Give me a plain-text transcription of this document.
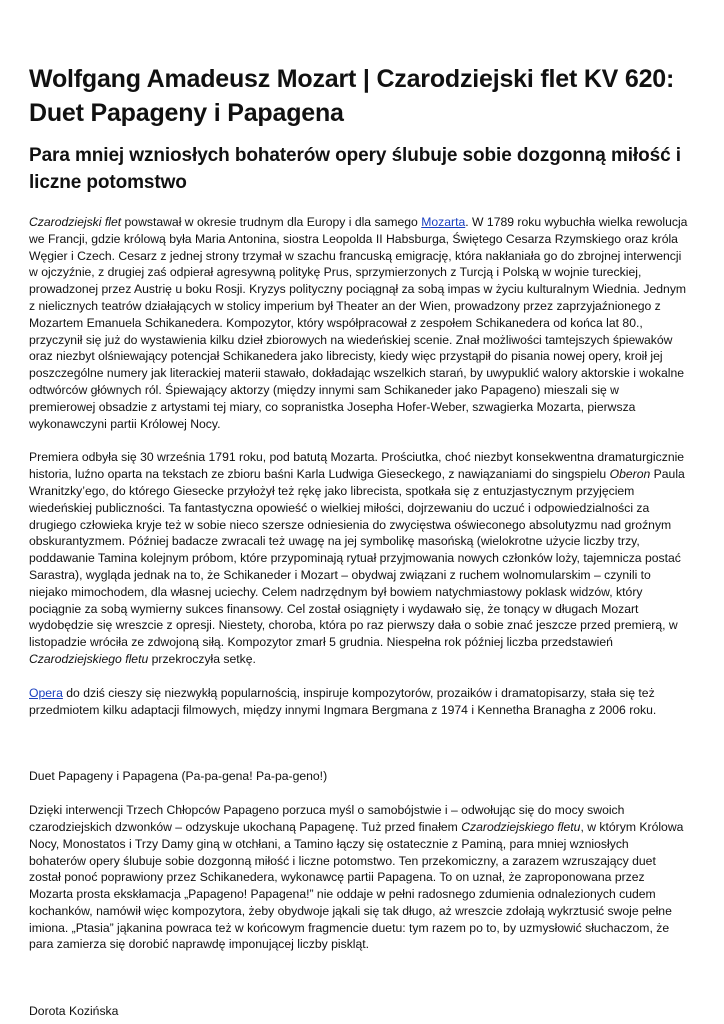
Wolfgang Amadeusz Mozart | Czarodziejski flet KV 620: Duet Papageny i Papagena
Para mniej wzniosłych bohaterów opery ślubuje sobie dozgonną miłość i liczne potomstwo

Czarodziejski flet powstawał w okresie trudnym dla Europy i dla samego Mozarta. W 1789 roku wybuchła wielka rewolucja we Francji, gdzie królową była Maria Antonina, siostra Leopolda II Habsburga, Świętego Cesarza Rzymskiego oraz króla Węgier i Czech. Cesarz z jednej strony trzymał w szachu francuską emigrację, która nakłaniała go do zbrojnej interwencji w ojczyźnie, z drugiej zaś odpierał agresywną politykę Prus, sprzymierzonych z Turcją i Polską w wojnie tureckiej, prowadzonej przez Austrię u boku Rosji. Kryzys polityczny pociągnął za sobą impas w życiu kulturalnym Wiednia. Jednym z nielicznych teatrów działających w stolicy imperium był Theater an der Wien, prowadzony przez zaprzyjaźnionego z Mozartem Emanuela Schikanedera. Kompozytor, który współpracował z zespołem Schikanedera od końca lat 80., przyczynił się już do wystawienia kilku dzieł zbiorowych na wiedeńskiej scenie. Znał możliwości tamtejszych śpiewaków oraz niezbyt olśniewający potencjał Schikanedera jako librecisty, kiedy więc przystąpił do pisania nowej opery, kroił jej poszczególne numery jak literackiej materii stawało, dokładając wszelkich starań, by uwypuklić walory aktorskie i wokalne odtwórców głównych ról. Śpiewający aktorzy (między innymi sam Schikaneder jako Papageno) mieszali się w premierowej obsadzie z artystami tej miary, co sopranistka Josepha Hofer-Weber, szwagierka Mozarta, pierwsza wykonawczyni partii Królowej Nocy.

Premiera odbyła się 30 września 1791 roku, pod batutą Mozarta. Prościutka, choć niezbyt konsekwentna dramaturgicznie historia, luźno oparta na tekstach ze zbioru baśni Karla Ludwiga Gieseckego, z nawiązaniami do singspielu Oberon Paula Wranitzky’ego, do którego Giesecke przyłożył też rękę jako librecista, spotkała się z entuzjastycznym przyjęciem wiedeńskiej publiczności. Ta fantastyczna opowieść o wielkiej miłości, dojrzewaniu do uczuć i odpowiedzialności za drugiego człowieka kryje też w sobie nieco szersze odniesienia do zwycięstwa oświeconego absolutyzmu nad groźnym obskurantyzmem. Później badacze zwracali też uwagę na jej symbolikę masońską (wielokrotne użycie liczby trzy, poddawanie Tamina kolejnym próbom, które przypominają rytuał przyjmowania nowych członków loży, tajemnicza postać Sarastra), wygląda jednak na to, że Schikaneder i Mozart – obydwaj związani z ruchem wolnomularskim – czynili to niejako mimochodem, dla własnej uciechy. Celem nadrzędnym był bowiem natychmiastowy poklask widzów, który pociągnie za sobą wymierny sukces finansowy. Cel został osiągnięty i wydawało się, że tonący w długach Mozart wydobędzie się wreszcie z opresji. Niestety, choroba, która po raz pierwszy dała o sobie znać jeszcze przed premierą, w listopadzie wróciła ze zdwojoną siłą. Kompozytor zmarł 5 grudnia. Niespełna rok później liczba przedstawień Czarodziejskiego fletu przekroczyła setkę.

Opera do dziś cieszy się niezwykłą popularnością, inspiruje kompozytorów, prozaików i dramatopisarzy, stała się też przedmiotem kilku adaptacji filmowych, między innymi Ingmara Bergmana z 1974 i Kennetha Branagha z 2006 roku.

Duet Papageny i Papagena (Pa-pa-gena! Pa-pa-geno!)

Dzięki interwencji Trzech Chłopców Papageno porzuca myśl o samobójstwie i – odwołując się do mocy swoich czarodziejskich dzwonków – odzyskuje ukochaną Papagenę. Tuż przed finałem Czarodziejskiego fletu, w którym Królowa Nocy, Monostatos i Trzy Damy giną w otchłani, a Tamino łączy się ostatecznie z Paminą, para mniej wzniosłych bohaterów opery ślubuje sobie dozgonną miłość i liczne potomstwo. Ten przekomiczny, a zarazem wzruszający duet został ponoć poprawiony przez Schikanedera, wykonawcę partii Papagena. To on uznał, że zaproponowana przez Mozarta prosta ekskłamacja „Papageno! Papagena!” nie oddaje w pełni radosnego zdumienia odnalezionych cudem kochanków, namówił więc kompozytora, żeby obydwoje jąkali się tak długo, aż wreszcie zdołają wykrztusić swoje pełne imiona. „Ptasia” jąkanina powraca też w końcowym fragmencie duetu: tym razem po to, by uzmysłowić słuchaczom, że para zamierza się dorobić naprawdę imponującej liczby piskląt.

Dorota Kozińska
